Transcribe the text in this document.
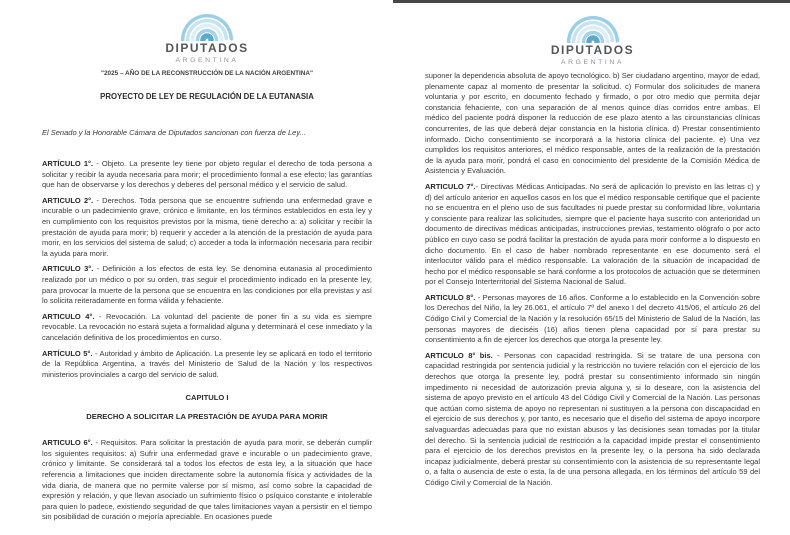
DIPUTADOS
ARGENTINA
"2025 – AÑO DE LA RECONSTRUCCIÓN DE LA NACIÓN ARGENTINA"
PROYECTO DE LEY DE REGULACIÓN DE LA EUTANASIA
El Senado y la Honorable Cámara de Diputados sancionan con fuerza de Ley...

ARTÍCULO 1°. - Objeto. La presente ley tiene por objeto regular el derecho de toda persona a solicitar y recibir la ayuda necesaria para morir; el procedimiento formal a ese efecto; las garantías que han de observarse y los derechos y deberes del personal médico y el servicio de salud.

ARTICULO 2°. - Derechos. Toda persona que se encuentre sufriendo una enfermedad grave e incurable o un padecimiento grave, crónico e limitante, en los términos establecidos en esta ley y en cumplimiento con los requisitos previstos por la misma, tiene derecho a: a) solicitar y recibir la prestación de ayuda para morir; b) requerir y acceder a la atención de la prestación de ayuda para morir, en los servicios del sistema de salud; c) acceder a toda la información necesaria para recibir la ayuda para morir.

ARTICULO 3°. - Definición a los efectos de esta ley. Se denomina eutanasia al procedimiento realizado por un médico o por su orden, tras seguir el procedimiento indicado en la presente ley, para provocar la muerte de la persona que se encuentra en las condiciones por ella previstas y así lo solicita reiteradamente en forma válida y fehaciente.

ARTICULO 4°. - Revocación. La voluntad del paciente de poner fin a su vida es siempre revocable. La revocación no estará sujeta a formalidad alguna y determinará el cese inmediato y la cancelación definitiva de los procedimientos en curso.

ARTÍCULO 5°. - Autoridad y ámbito de Aplicación. La presente ley se aplicará en todo el territorio de la República Argentina, a través del Ministerio de Salud de la Nación y los respectivos ministerios provinciales a cargo del servicio de salud.

CAPITULO I
DERECHO A SOLICITAR LA PRESTACIÓN DE AYUDA PARA MORIR

ARTICULO 6°. - Requisitos. Para solicitar la prestación de ayuda para morir, se deberán cumplir los siguientes requisitos: a) Sufrir una enfermedad grave e incurable o un padecimiento grave, crónico y limitante. Se considerará tal a todos los efectos de esta ley, a la situación que hace referencia a limitaciones que inciden directamente sobre la autonomía física y actividades de la vida diaria, de manera que no permite valerse por sí mismo, así como sobre la capacidad de expresión y relación, y que llevan asociado un sufrimiento físico o psíquico constante e intolerable para quien lo padece, existiendo seguridad de que tales limitaciones vayan a persistir en el tiempo sin posibilidad de curación o mejoría apreciable. En ocasiones puede

DIPUTADOS
ARGENTINA

suponer la dependencia absoluta de apoyo tecnológico. b) Ser ciudadano argentino, mayor de edad, plenamente capaz al momento de presentar la solicitud. c) Formular dos solicitudes de manera voluntaria y por escrito, en documento fechado y firmado, o por otro medio que permita dejar constancia fehaciente, con una separación de al menos quince días corridos entre ambas. El médico del paciente podrá disponer la reducción de ese plazo atento a las circunstancias clínicas concurrentes, de las que deberá dejar constancia en la historia clínica. d) Prestar consentimiento informado. Dicho consentimiento se incorporará a la historia clínica del paciente. e) Una vez cumplidos los requisitos anteriores, el médico responsable, antes de la realización de la prestación de la ayuda para morir, pondrá el caso en conocimiento del presidente de la Comisión Médica de Asistencia y Evaluación.

ARTICULO 7°.- Directivas Médicas Anticipadas. No será de aplicación lo previsto en las letras c) y d) del artículo anterior en aquellos casos en los que el médico responsable certifique que el paciente no se encuentra en el pleno uso de sus facultades ni puede prestar su conformidad libre, voluntaria y consciente para realizar las solicitudes, siempre que el paciente haya suscrito con anterioridad un documento de directivas médicas anticipadas, instrucciones previas, testamento ológrafo o por acto público en cuyo caso se podrá facilitar la prestación de ayuda para morir conforme a lo dispuesto en dicho documento. En el caso de haber nombrado representante en ese documento será el interlocutor válido para el médico responsable. La valoración de la situación de incapacidad de hecho por el médico responsable se hará conforme a los protocolos de actuación que se determinen por el Consejo Interterritorial del Sistema Nacional de Salud.

ARTICULO 8°. - Personas mayores de 16 años. Conforme a lo establecido en la Convención sobre los Derechos del Niño, la ley 26.061, el artículo 7º del anexo I del decreto 415/06, el artículo 26 del Código Civil y Comercial de la Nación y la resolución 65/15 del Ministerio de Salud de la Nación, las personas mayores de dieciséis (16) años tienen plena capacidad por sí para prestar su consentimiento a fin de ejercer los derechos que otorga la presente ley.

ARTICULO 8° bis. - Personas con capacidad restringida. Si se tratare de una persona con capacidad restringida por sentencia judicial y la restricción no tuviere relación con el ejercicio de los derechos que otorga la presente ley, podrá prestar su consentimiento informado sin ningún impedimento ni necesidad de autorización previa alguna y, si lo deseare, con la asistencia del sistema de apoyo previsto en el artículo 43 del Código Civil y Comercial de la Nación. Las personas que actúan como sistema de apoyo no representan ni sustituyen a la persona con discapacidad en el ejercicio de sus derechos y, por tanto, es necesario que el diseño del sistema de apoyo incorpore salvaguardas adecuadas para que no existan abusos y las decisiones sean tomadas por la titular del derecho. Si la sentencia judicial de restricción a la capacidad impide prestar el consentimiento para el ejercicio de los derechos previstos en la presente ley, o la persona ha sido declarada incapaz judicialmente, deberá prestar su consentimiento con la asistencia de su representante legal o, a falta o ausencia de este o esta, la de una persona allegada, en los términos del artículo 59 del Código Civil y Comercial de la Nación.
